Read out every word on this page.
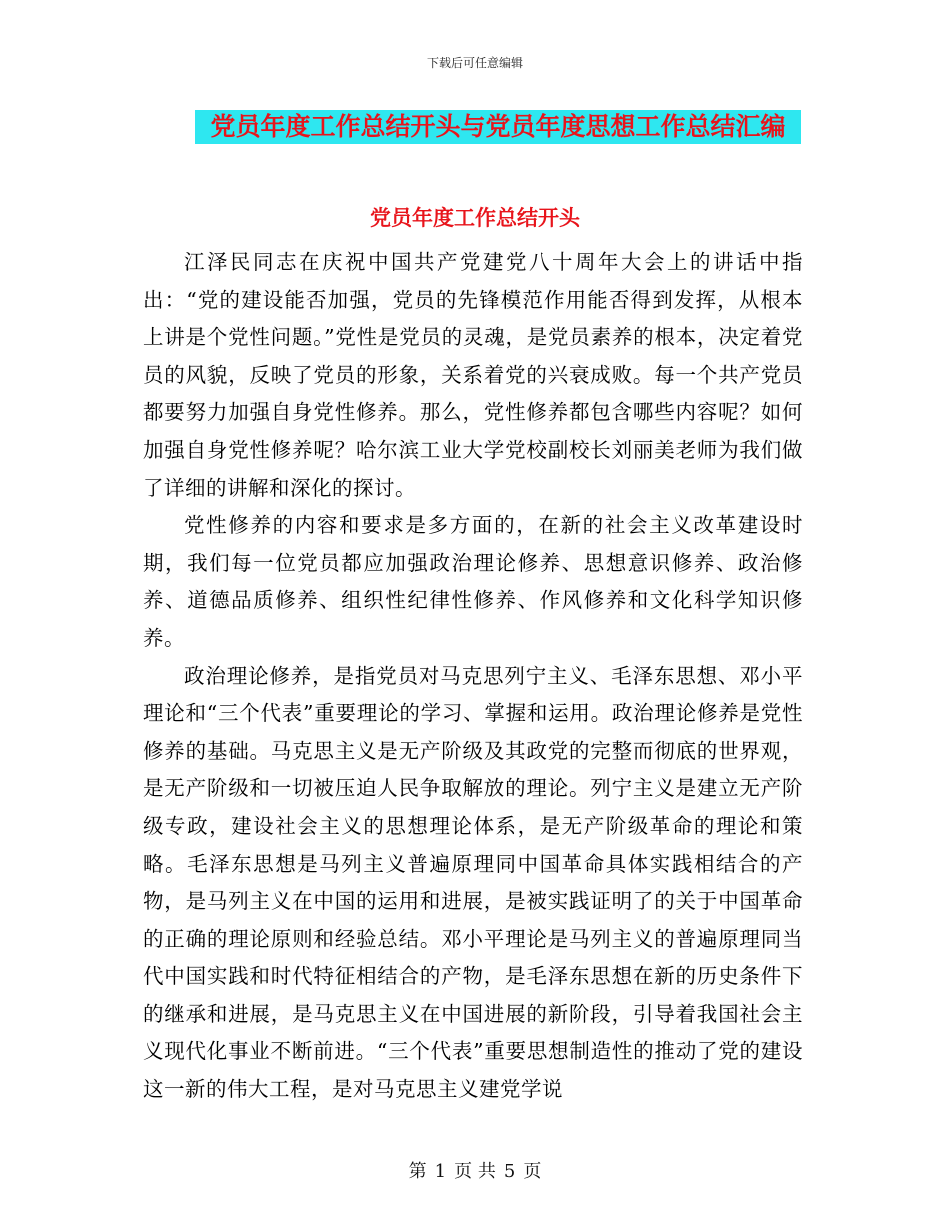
下载后可任意编辑
党员年度工作总结开头与党员年度思想工作总结汇编
党员年度工作总结开头

江泽民同志在庆祝中国共产党建党八十周年大会上的讲话中指出：“党的建设能否加强，党员的先锋模范作用能否得到发挥，从根本上讲是个党性问题。”党性是党员的灵魂，是党员素养的根本，决定着党员的风貌，反映了党员的形象，关系着党的兴衰成败。每一个共产党员都要努力加强自身党性修养。那么，党性修养都包含哪些内容呢？如何加强自身党性修养呢？哈尔滨工业大学党校副校长刘丽美老师为我们做了详细的讲解和深化的探讨。

党性修养的内容和要求是多方面的，在新的社会主义改革建设时期，我们每一位党员都应加强政治理论修养、思想意识修养、政治修养、道德品质修养、组织性纪律性修养、作风修养和文化科学知识修养。

政治理论修养，是指党员对马克思列宁主义、毛泽东思想、邓小平理论和“三个代表”重要理论的学习、掌握和运用。政治理论修养是党性修养的基础。马克思主义是无产阶级及其政党的完整而彻底的世界观，是无产阶级和一切被压迫人民争取解放的理论。列宁主义是建立无产阶级专政，建设社会主义的思想理论体系，是无产阶级革命的理论和策略。毛泽东思想是马列主义普遍原理同中国革命具体实践相结合的产物，是马列主义在中国的运用和进展，是被实践证明了的关于中国革命的正确的理论原则和经验总结。邓小平理论是马列主义的普遍原理同当代中国实践和时代特征相结合的产物，是毛泽东思想在新的历史条件下的继承和进展，是马克思主义在中国进展的新阶段，引导着我国社会主义现代化事业不断前进。“三个代表”重要思想制造性的推动了党的建设这一新的伟大工程，是对马克思主义建党学说

第 1 页 共 5 页
